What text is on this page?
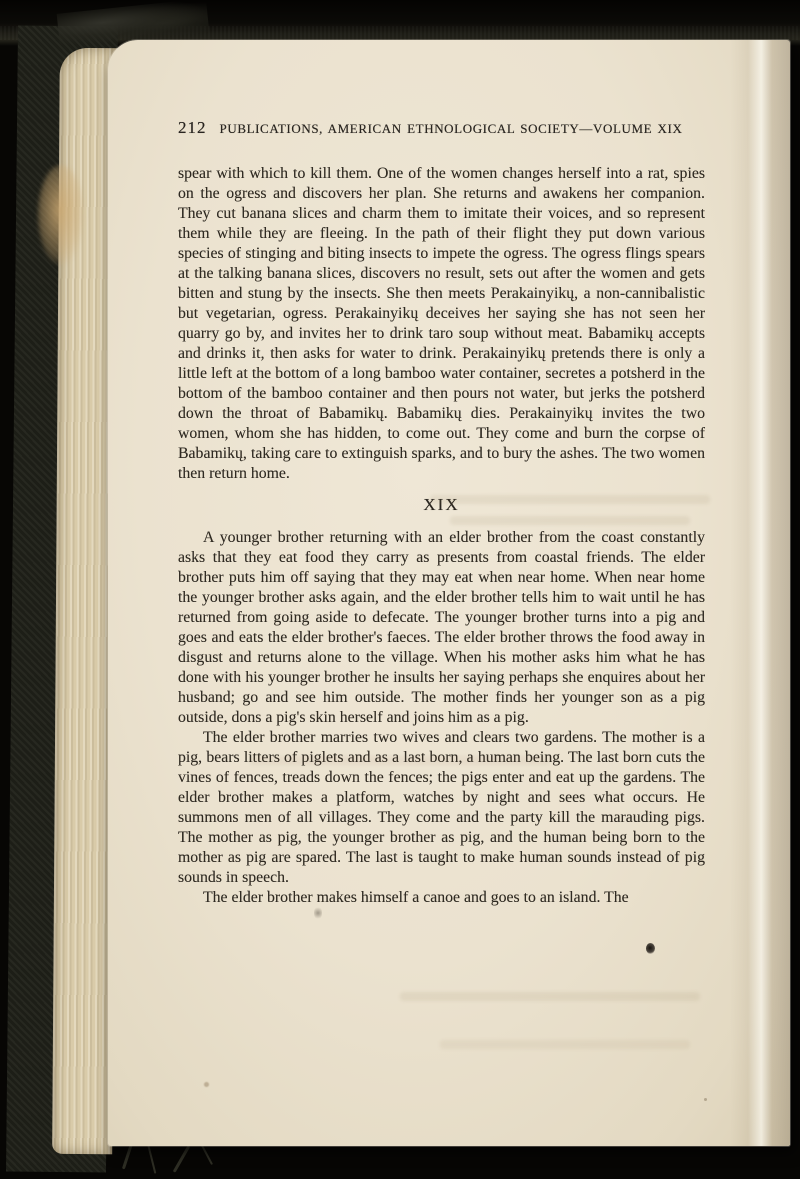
212 PUBLICATIONS, AMERICAN ETHNOLOGICAL SOCIETY—VOLUME XIX

spear with which to kill them. One of the women changes herself into a rat, spies on the ogress and discovers her plan. She returns and awakens her companion. They cut banana slices and charm them to imitate their voices, and so represent them while they are fleeing. In the path of their flight they put down various species of stinging and biting insects to impete the ogress. The ogress flings spears at the talking banana slices, discovers no result, sets out after the women and gets bitten and stung by the insects. She then meets Perakainyikų, a non-cannibalistic but vegetarian, ogress. Perakainyikų deceives her saying she has not seen her quarry go by, and invites her to drink taro soup without meat. Babamikų accepts and drinks it, then asks for water to drink. Perakainyikų pretends there is only a little left at the bottom of a long bamboo water container, secretes a potsherd in the bottom of the bamboo container and then pours not water, but jerks the potsherd down the throat of Babamikų. Babamikų dies. Perakainyikų invites the two women, whom she has hidden, to come out. They come and burn the corpse of Babamikų, taking care to extinguish sparks, and to bury the ashes. The two women then return home.

XIX

A younger brother returning with an elder brother from the coast constantly asks that they eat food they carry as presents from coastal friends. The elder brother puts him off saying that they may eat when near home. When near home the younger brother asks again, and the elder brother tells him to wait until he has returned from going aside to defecate. The younger brother turns into a pig and goes and eats the elder brother's faeces. The elder brother throws the food away in disgust and returns alone to the village. When his mother asks him what he has done with his younger brother he insults her saying perhaps she enquires about her husband; go and see him outside. The mother finds her younger son as a pig outside, dons a pig's skin herself and joins him as a pig.

The elder brother marries two wives and clears two gardens. The mother is a pig, bears litters of piglets and as a last born, a human being. The last born cuts the vines of fences, treads down the fences; the pigs enter and eat up the gardens. The elder brother makes a platform, watches by night and sees what occurs. He summons men of all villages. They come and the party kill the marauding pigs. The mother as pig, the younger brother as pig, and the human being born to the mother as pig are spared. The last is taught to make human sounds instead of pig sounds in speech.

The elder brother makes himself a canoe and goes to an island. The
